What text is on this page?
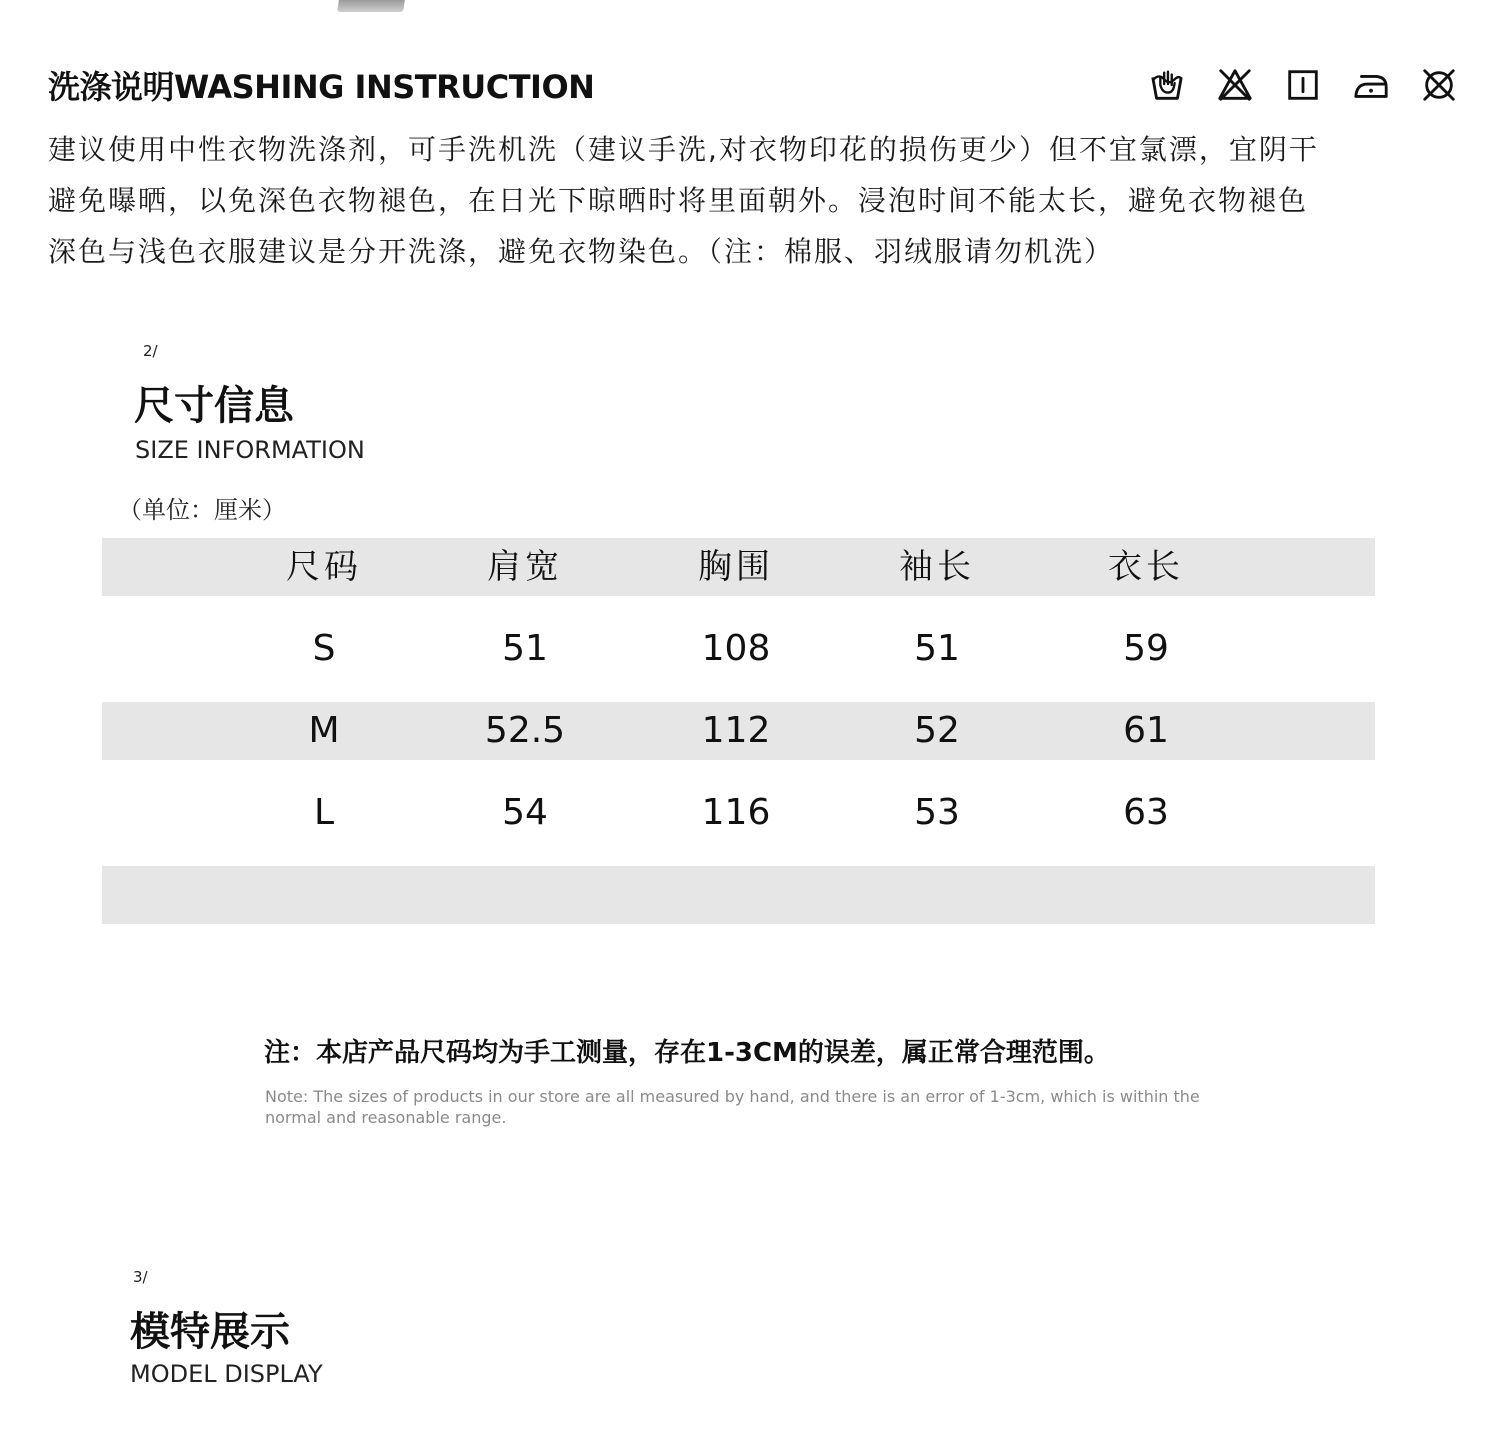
洗涤说明WASHING INSTRUCTION

建议使用中性衣物洗涤剂，可手洗机洗（建议手洗,对衣物印花的损伤更少）但不宜氯漂，宜阴干

避免曝晒，以免深色衣物褪色，在日光下晾晒时将里面朝外。浸泡时间不能太长，避免衣物褪色

深色与浅色衣服建议是分开洗涤，避免衣物染色。（注：棉服、羽绒服请勿机洗）

2/
尺寸信息
SIZE INFORMATION
（单位：厘米）
尺码	肩宽	胸围	袖长	衣长
S	51	108	51	59
M	52.5	112	52	61
L	54	116	53	63
注：本店产品尺码均为手工测量，存在1-3CM的误差，属正常合理范围。
Note: The sizes of products in our store are all measured by hand, and there is an error of 1-3cm, which is within the normal and reasonable range.
3/
模特展示
MODEL DISPLAY
